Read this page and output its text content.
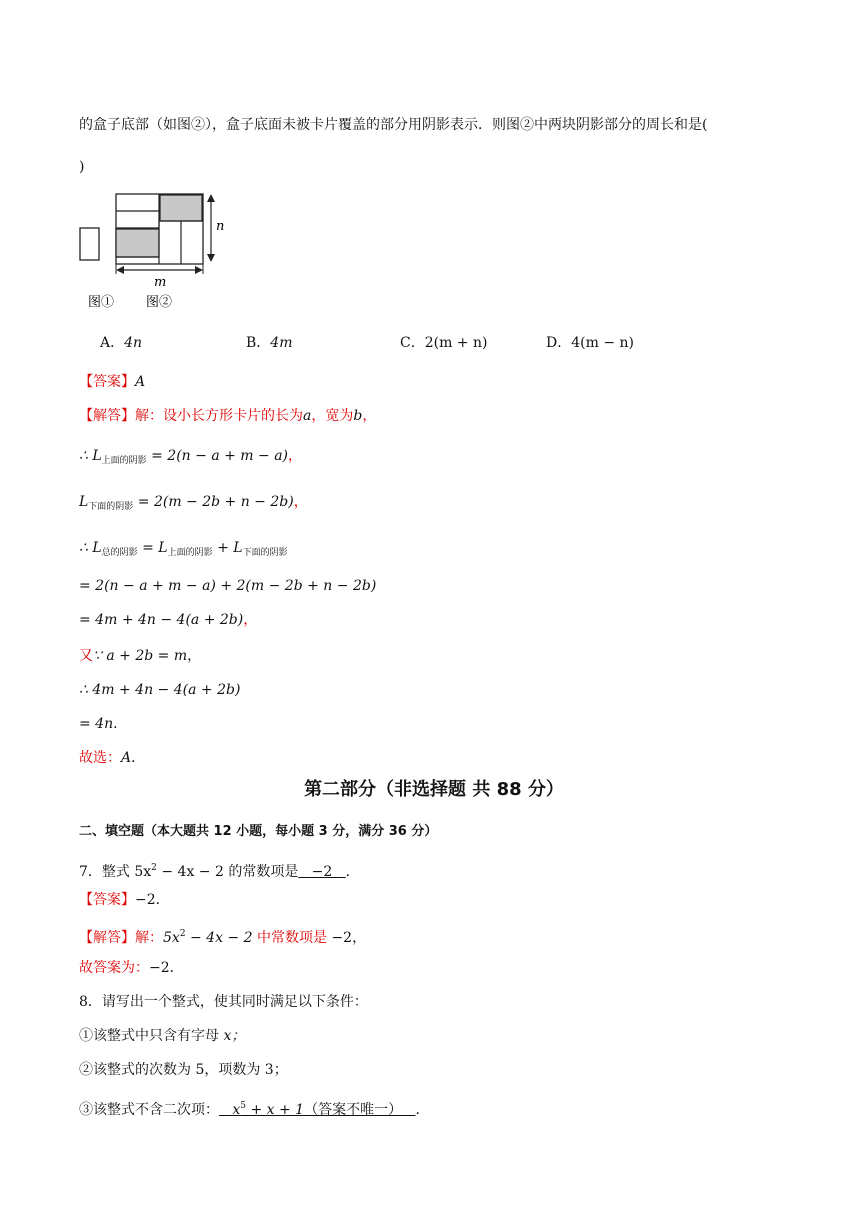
的盒子底部（如图②），盒子底面未被卡片覆盖的部分用阴影表示．则图②中两块阴影部分的周长和是(
)
n
m
图① 图②
A．4n	B．4m	C．2(m + n)	D．4(m − n)
【答案】A
【解答】解：设小长方形卡片的长为a，宽为b，
∴ $L_{上面的阴影} = 2(n - a + m - a)$，
$L_{下面的阴影} = 2(m - 2b + n - 2b)$，
∴ $L_{总的阴影} = L_{上面的阴影} + L_{下面的阴影}$
= 2(n − a + m − a) + 2(m − 2b + n − 2b)
= 4m + 4n − 4(a + 2b)，
又∵ a + 2b = m，
∴ 4m + 4n − 4(a + 2b)
= 4n．
故选：A．
第二部分（非选择题 共 88 分）
二、填空题（本大题共 12 小题，每小题 3 分，满分 36 分）
7．整式 $5x^2 - 4x - 2$ 的常数项是   −2   ．
【答案】−2．
【解答】解：$5x^2 - 4x - 2$ 中常数项是 −2，
故答案为：−2．
8．请写出一个整式，使其同时满足以下条件：
①该整式中只含有字母 x；
②该整式的次数为 5，项数为 3；
③该整式不含二次项： $x^5 + x + 1$（答案不唯一） ．
